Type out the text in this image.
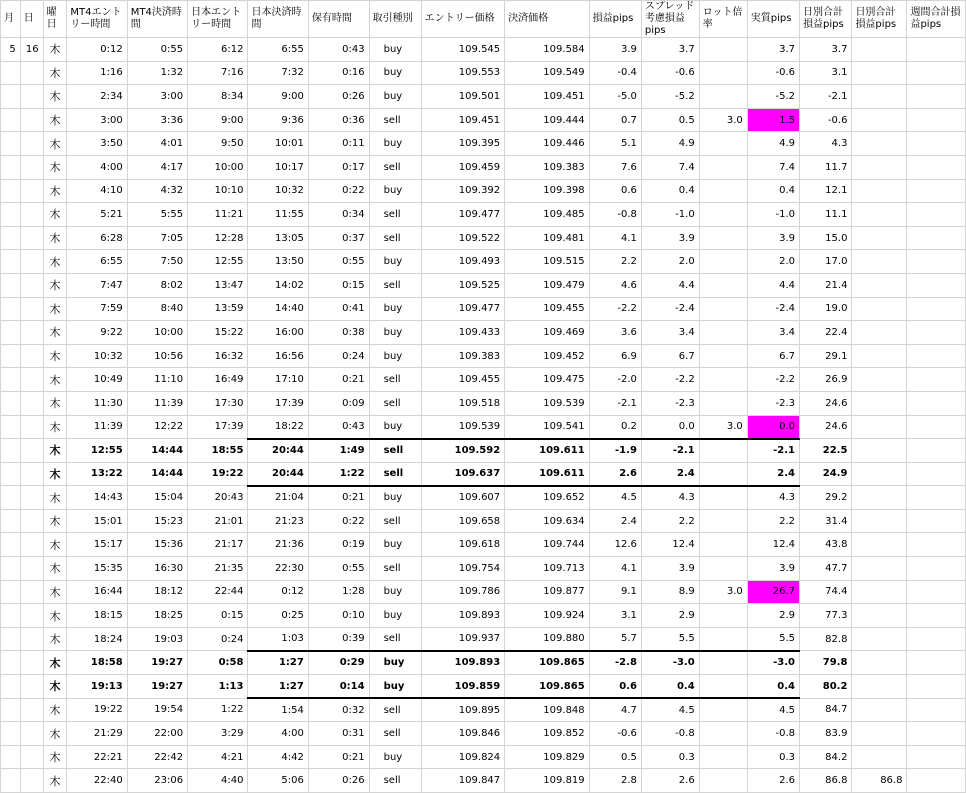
月	日	曜日	MT4エントリー時間	MT4決済時間	日本エントリー時間	日本決済時間	保有時間	取引種別	エントリー価格	決済価格	損益pips	スプレッド考慮損益pips	ロット倍率	実質pips	日別合計損益pips	日別合計損益pips	週間合計損益pips
5	16	木	0:12	0:55	6:12	6:55	0:43	buy	109.545	109.584	3.9	3.7		3.7	3.7		
		木	1:16	1:32	7:16	7:32	0:16	buy	109.553	109.549	-0.4	-0.6		-0.6	3.1		
		木	2:34	3:00	8:34	9:00	0:26	buy	109.501	109.451	-5.0	-5.2		-5.2	-2.1		
		木	3:00	3:36	9:00	9:36	0:36	sell	109.451	109.444	0.7	0.5	3.0	1.5	-0.6		
		木	3:50	4:01	9:50	10:01	0:11	buy	109.395	109.446	5.1	4.9		4.9	4.3		
		木	4:00	4:17	10:00	10:17	0:17	sell	109.459	109.383	7.6	7.4		7.4	11.7		
		木	4:10	4:32	10:10	10:32	0:22	buy	109.392	109.398	0.6	0.4		0.4	12.1		
		木	5:21	5:55	11:21	11:55	0:34	sell	109.477	109.485	-0.8	-1.0		-1.0	11.1		
		木	6:28	7:05	12:28	13:05	0:37	sell	109.522	109.481	4.1	3.9		3.9	15.0		
		木	6:55	7:50	12:55	13:50	0:55	buy	109.493	109.515	2.2	2.0		2.0	17.0		
		木	7:47	8:02	13:47	14:02	0:15	sell	109.525	109.479	4.6	4.4		4.4	21.4		
		木	7:59	8:40	13:59	14:40	0:41	buy	109.477	109.455	-2.2	-2.4		-2.4	19.0		
		木	9:22	10:00	15:22	16:00	0:38	buy	109.433	109.469	3.6	3.4		3.4	22.4		
		木	10:32	10:56	16:32	16:56	0:24	buy	109.383	109.452	6.9	6.7		6.7	29.1		
		木	10:49	11:10	16:49	17:10	0:21	sell	109.455	109.475	-2.0	-2.2		-2.2	26.9		
		木	11:30	11:39	17:30	17:39	0:09	sell	109.518	109.539	-2.1	-2.3		-2.3	24.6		
		木	11:39	12:22	17:39	18:22	0:43	buy	109.539	109.541	0.2	0.0	3.0	0.0	24.6		
		木	12:55	14:44	18:55	20:44	1:49	sell	109.592	109.611	-1.9	-2.1		-2.1	22.5		
		木	13:22	14:44	19:22	20:44	1:22	sell	109.637	109.611	2.6	2.4		2.4	24.9		
		木	14:43	15:04	20:43	21:04	0:21	buy	109.607	109.652	4.5	4.3		4.3	29.2		
		木	15:01	15:23	21:01	21:23	0:22	sell	109.658	109.634	2.4	2.2		2.2	31.4		
		木	15:17	15:36	21:17	21:36	0:19	buy	109.618	109.744	12.6	12.4		12.4	43.8		
		木	15:35	16:30	21:35	22:30	0:55	sell	109.754	109.713	4.1	3.9		3.9	47.7		
		木	16:44	18:12	22:44	0:12	1:28	buy	109.786	109.877	9.1	8.9	3.0	26.7	74.4		
		木	18:15	18:25	0:15	0:25	0:10	buy	109.893	109.924	3.1	2.9		2.9	77.3		
		木	18:24	19:03	0:24	1:03	0:39	sell	109.937	109.880	5.7	5.5		5.5	82.8		
		木	18:58	19:27	0:58	1:27	0:29	buy	109.893	109.865	-2.8	-3.0		-3.0	79.8		
		木	19:13	19:27	1:13	1:27	0:14	buy	109.859	109.865	0.6	0.4		0.4	80.2		
		木	19:22	19:54	1:22	1:54	0:32	sell	109.895	109.848	4.7	4.5		4.5	84.7		
		木	21:29	22:00	3:29	4:00	0:31	sell	109.846	109.852	-0.6	-0.8		-0.8	83.9		
		木	22:21	22:42	4:21	4:42	0:21	buy	109.824	109.829	0.5	0.3		0.3	84.2		
		木	22:40	23:06	4:40	5:06	0:26	sell	109.847	109.819	2.8	2.6		2.6	86.8	86.8	
